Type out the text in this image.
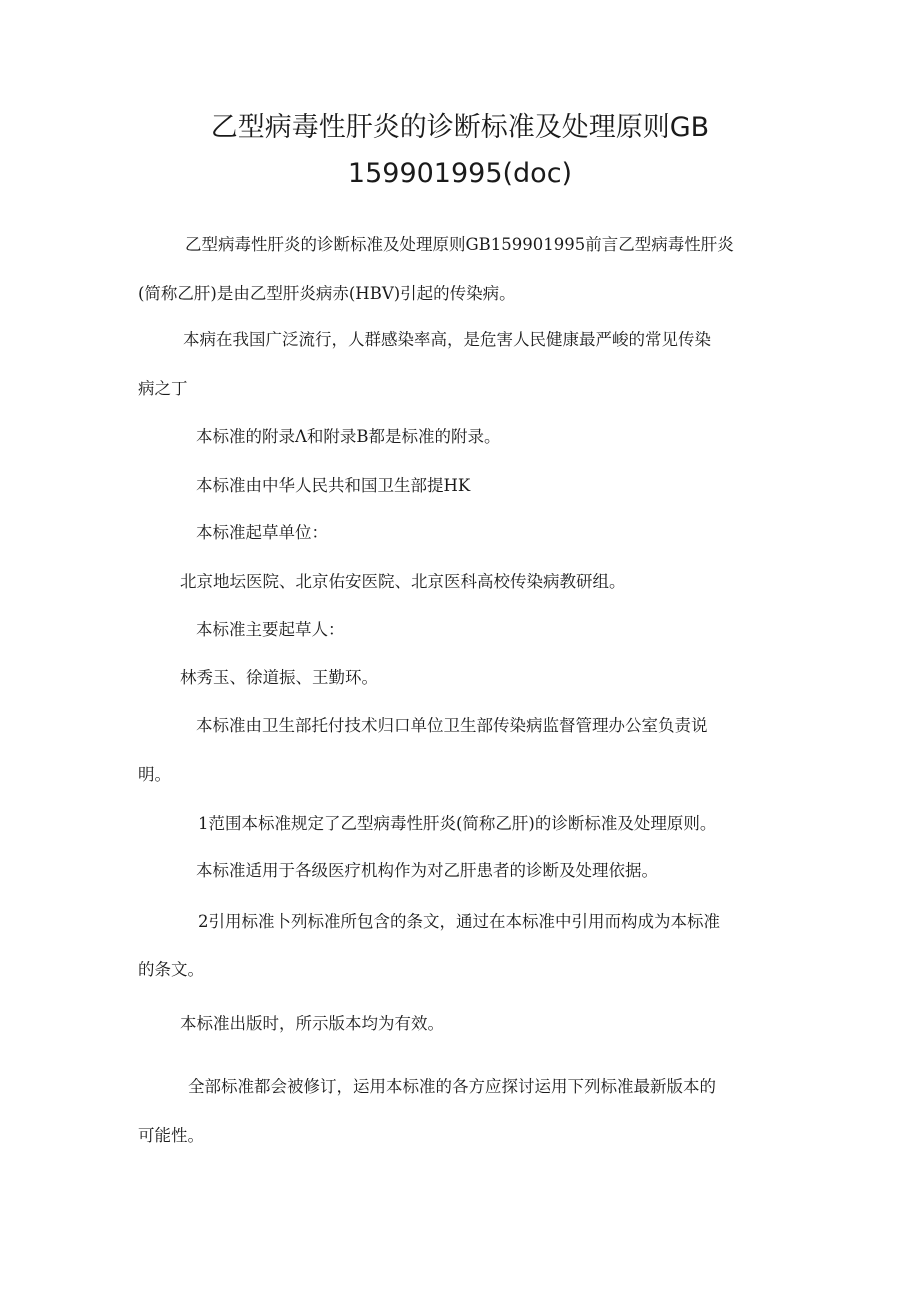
乙型病毒性肝炎的诊断标准及处理原则GB
159901995(doc)
乙型病毒性肝炎的诊断标准及处理原则GB159901995前言乙型病毒性肝炎
(简称乙肝)是由乙型肝炎病赤(HBV)引起的传染病。
本病在我国广泛流行，人群感染率高，是危害人民健康最严峻的常见传染
病之丁
本标准的附录Λ和附录B都是标准的附录。
本标准由中华人民共和国卫生部提HK
本标准起草单位：
北京地坛医院、北京佑安医院、北京医科高校传染病教研组。
本标准主要起草人：
林秀玉、徐道振、王勤环。
本标准由卫生部托付技术归口单位卫生部传染病监督管理办公室负责说
明。
1范围本标准规定了乙型病毒性肝炎(简称乙肝)的诊断标准及处理原则。
本标准适用于各级医疗机构作为对乙肝患者的诊断及处理依据。
2引用标准卜列标准所包含的条文，通过在本标准中引用而构成为本标准
的条文。
本标准出版时，所示版本均为有效。
全部标准都会被修订，运用本标准的各方应探讨运用下列标准最新版本的
可能性。
